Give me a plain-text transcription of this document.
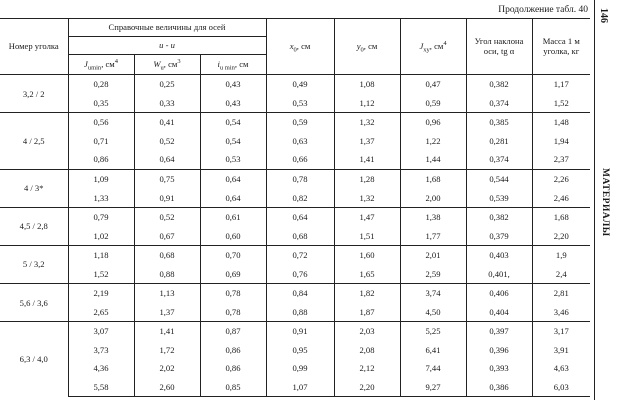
Продолжение табл. 40 146
МАТЕРИАЛЫ
Номер уголка	Справочные величины для осей			$x_0$, см	$y_0$, см	$J_{xy}$, $см^4$	Угол наклона оси, tg α	Масса 1 м уголка, кг
	u - u							
	$J_{umin}$, $см^4$	$W_u$, $см^3$	$i_{u min}$, см					
3,2 / 2	0,28	0,25	0,43	0,49	1,08	0,47	0,382	1,17
	0,35	0,33	0,43	0,53	1,12	0,59	0,374	1,52
4 / 2,5	0,56	0,41	0,54	0,59	1,32	0,96	0,385	1,48
	0,71	0,52	0,54	0,63	1,37	1,22	0,281	1,94
	0,86	0,64	0,53	0,66	1,41	1,44	0,374	2,37
4 / 3*	1,09	0,75	0,64	0,78	1,28	1,68	0,544	2,26
	1,33	0,91	0,64	0,82	1,32	2,00	0,539	2,46
4,5 / 2,8	0,79	0,52	0,61	0,64	1,47	1,38	0,382	1,68
	1,02	0,67	0,60	0,68	1,51	1,77	0,379	2,20
5 / 3,2	1,18	0,68	0,70	0,72	1,60	2,01	0,403	1,9
	1,52	0,88	0,69	0,76	1,65	2,59	0,401,	2,4
5,6 / 3,6	2,19	1,13	0,78	0,84	1,82	3,74	0,406	2,81
	2,65	1,37	0,78	0,88	1,87	4,50	0,404	3,46
6,3 / 4,0	3,07	1,41	0,87	0,91	2,03	5,25	0,397	3,17
	3,73	1,72	0,86	0,95	2,08	6,41	0,396	3,91
	4,36	2,02	0,86	0,99	2,12	7,44	0,393	4,63
	5,58	2,60	0,85	1,07	2,20	9,27	0,386	6,03
